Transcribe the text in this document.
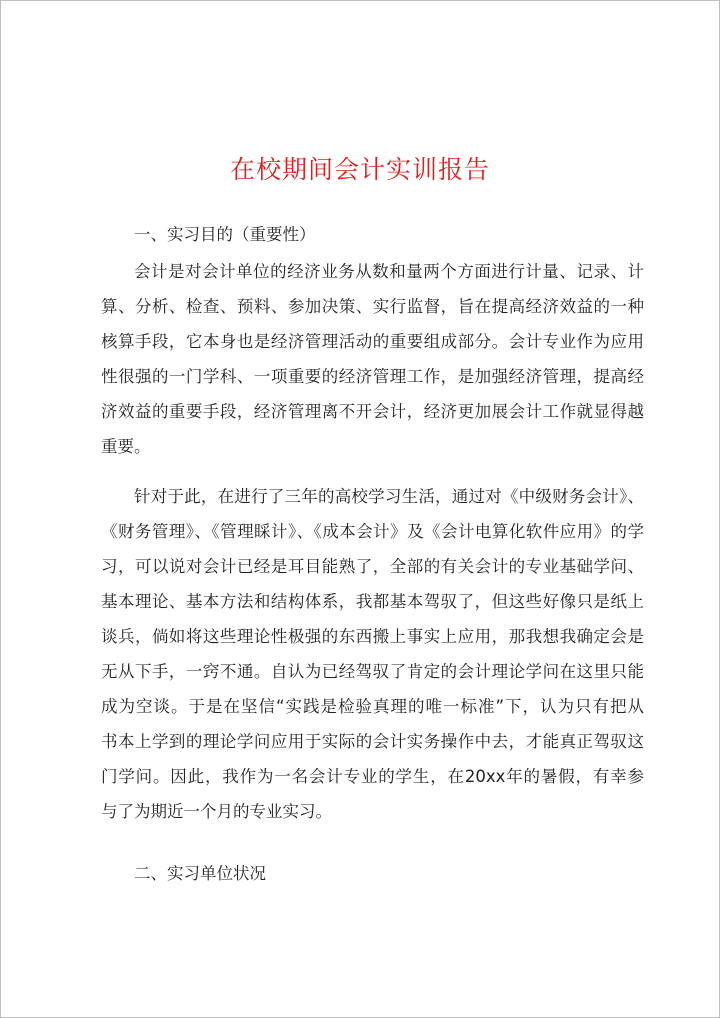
在校期间会计实训报告
一、实习目的（重要性）
会计是对会计单位的经济业务从数和量两个方面进行计量、记录、计
算、分析、检查、预料、参加决策、实行监督，旨在提高经济效益的一种
核算手段，它本身也是经济管理活动的重要组成部分。会计专业作为应用
性很强的一门学科、一项重要的经济管理工作，是加强经济管理，提高经
济效益的重要手段，经济管理离不开会计，经济更加展会计工作就显得越
重要。
针对于此，在进行了三年的高校学习生活，通过对《中级财务会计》、
《财务管理》、《管理睬计》、《成本会计》及《会计电算化软件应用》的学
习，可以说对会计已经是耳目能熟了，全部的有关会计的专业基础学问、
基本理论、基本方法和结构体系，我都基本驾驭了，但这些好像只是纸上
谈兵，倘如将这些理论性极强的东西搬上事实上应用，那我想我确定会是
无从下手，一窍不通。自认为已经驾驭了肯定的会计理论学问在这里只能
成为空谈。于是在坚信“实践是检验真理的唯一标准”下，认为只有把从
书本上学到的理论学问应用于实际的会计实务操作中去，才能真正驾驭这
门学问。因此，我作为一名会计专业的学生，在20xx年的暑假，有幸参
与了为期近一个月的专业实习。
二、实习单位状况
